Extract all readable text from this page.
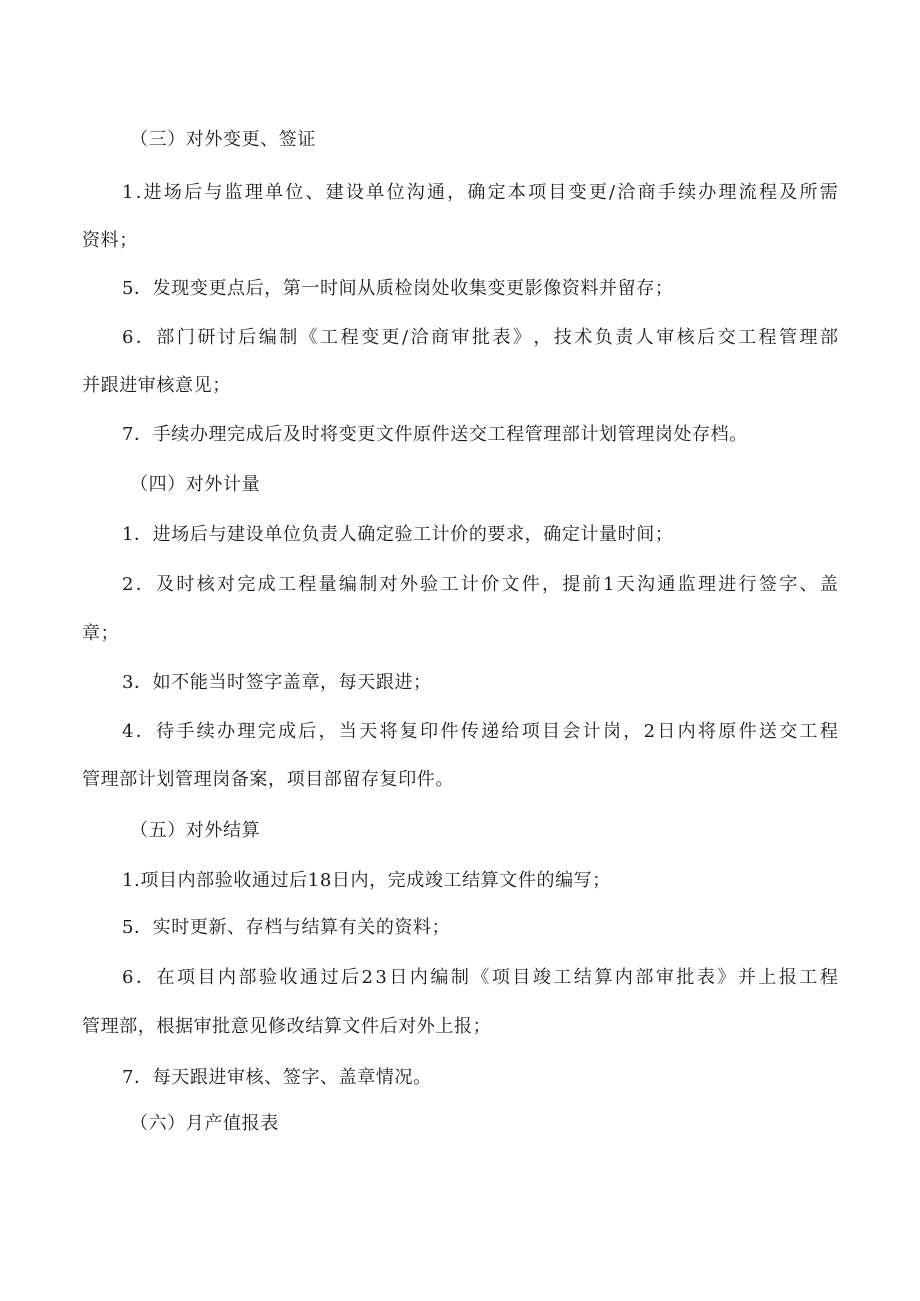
（三）对外变更、签证
1 . 进 场 后 与 监 理 单 位 、 建 设 单 位 沟 通 ， 确 定 本 项 目 变 更 / 洽 商 手 续 办 理 流 程 及 所 需
资料；
5．发现变更点后，第一时间从质检岗处收集变更影像资料并留存；
6 ． 部 门 研 讨 后 编 制 《 工 程 变 更 / 洽 商 审 批 表 》 ， 技 术 负 责 人 审 核 后 交 工 程 管 理 部
并跟进审核意见；
7．手续办理完成后及时将变更文件原件送交工程管理部计划管理岗处存档。
（四）对外计量
1．进场后与建设单位负责人确定验工计价的要求，确定计量时间；
2 ． 及 时 核 对 完 成 工 程 量 编 制 对 外 验 工 计 价 文 件 ， 提 前 1 天 沟 通 监 理 进 行 签 字 、 盖
章；
3．如不能当时签字盖章，每天跟进；
4 ． 待 手 续 办 理 完 成 后 ， 当 天 将 复 印 件 传 递 给 项 目 会 计 岗 ， 2 日 内 将 原 件 送 交 工 程
管理部计划管理岗备案，项目部留存复印件。
（五）对外结算
1.项目内部验收通过后18日内，完成竣工结算文件的编写；
5．实时更新、存档与结算有关的资料；
6 ． 在 项 目 内 部 验 收 通 过 后 2 3 日 内 编 制 《 项 目 竣 工 结 算 内 部 审 批 表 》 并 上 报 工 程
管理部，根据审批意见修改结算文件后对外上报；
7．每天跟进审核、签字、盖章情况。
（六）月产值报表
